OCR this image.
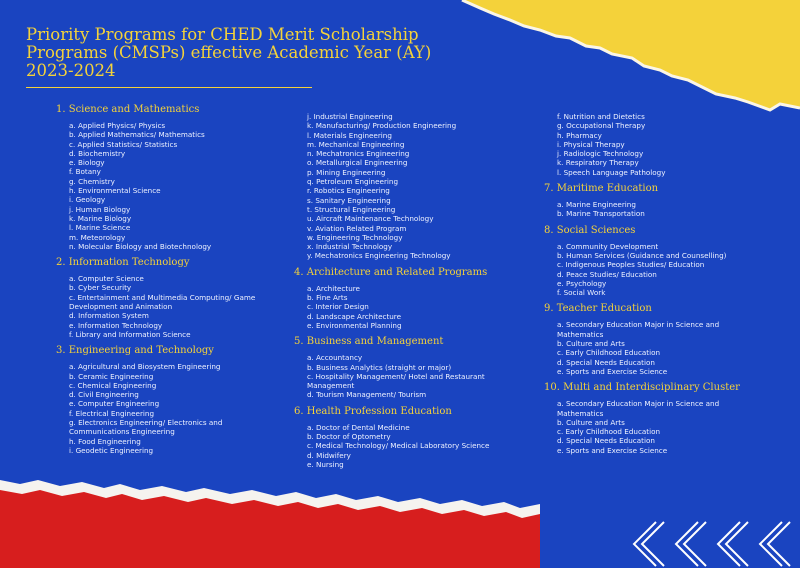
Priority Programs for CHED Merit Scholarship Programs (CMSPs) effective Academic Year (AY) 2023-2024
1. Science and Mathematics
a. Applied Physics/ Physics
b. Applied Mathematics/ Mathematics
c. Applied Statistics/ Statistics
d. Biochemistry
e. Biology
f. Botany
g. Chemistry
h. Environmental Science
i. Geology
j. Human Biology
k. Marine Biology
l. Marine Science
m. Meteorology
n. Molecular Biology and Biotechnology
2. Information Technology
a. Computer Science
b. Cyber Security
c. Entertainment and Multimedia Computing/ Game Development and Animation
d. Information System
e. Information Technology
f. Library and Information Science
3. Engineering and Technology
a. Agricultural and Biosystem Engineering
b. Ceramic Engineering
c. Chemical Engineering
d. Civil Engineering
e. Computer Engineering
f. Electrical Engineering
g. Electronics Engineering/ Electronics and Communications Engineering
h. Food Engineering
i. Geodetic Engineering
j. Industrial Engineering
k. Manufacturing/ Production Engineering
l. Materials Engineering
m. Mechanical Engineering
n. Mechatronics Engineering
o. Metallurgical Engineering
p. Mining Engineering
q. Petroleum Engineering
r. Robotics Engineering
s. Sanitary Engineering
t. Structural Engineering
u. Aircraft Maintenance Technology
v. Aviation Related Program
w. Engineering Technology
x. Industrial Technology
y. Mechatronics Engineering Technology
4. Architecture and Related Programs
a. Architecture
b. Fine Arts
c. Interior Design
d. Landscape Architecture
e. Environmental Planning
5. Business and Management
a. Accountancy
b. Business Analytics (straight or major)
c. Hospitality Management/ Hotel and Restaurant Management
d. Tourism Management/ Tourism
6. Health Profession Education
a. Doctor of Dental Medicine
b. Doctor of Optometry
c. Medical Technology/ Medical Laboratory Science
d. Midwifery
e. Nursing
f. Nutrition and Dietetics
g. Occupational Therapy
h. Pharmacy
i. Physical Therapy
j. Radiologic Technology
k. Respiratory Therapy
l. Speech Language Pathology
7. Maritime Education
a. Marine Engineering
b. Marine Transportation
8. Social Sciences
a. Community Development
b. Human Services (Guidance and Counselling)
c. Indigenous Peoples Studies/ Education
d. Peace Studies/ Education
e. Psychology
f. Social Work
9. Teacher Education
a. Secondary Education Major in Science and Mathematics
b. Culture and Arts
c. Early Childhood Education
d. Special Needs Education
e. Sports and Exercise Science
10. Multi and Interdisciplinary Cluster
a. Secondary Education Major in Science and Mathematics
b. Culture and Arts
c. Early Childhood Education
d. Special Needs Education
e. Sports and Exercise Science
